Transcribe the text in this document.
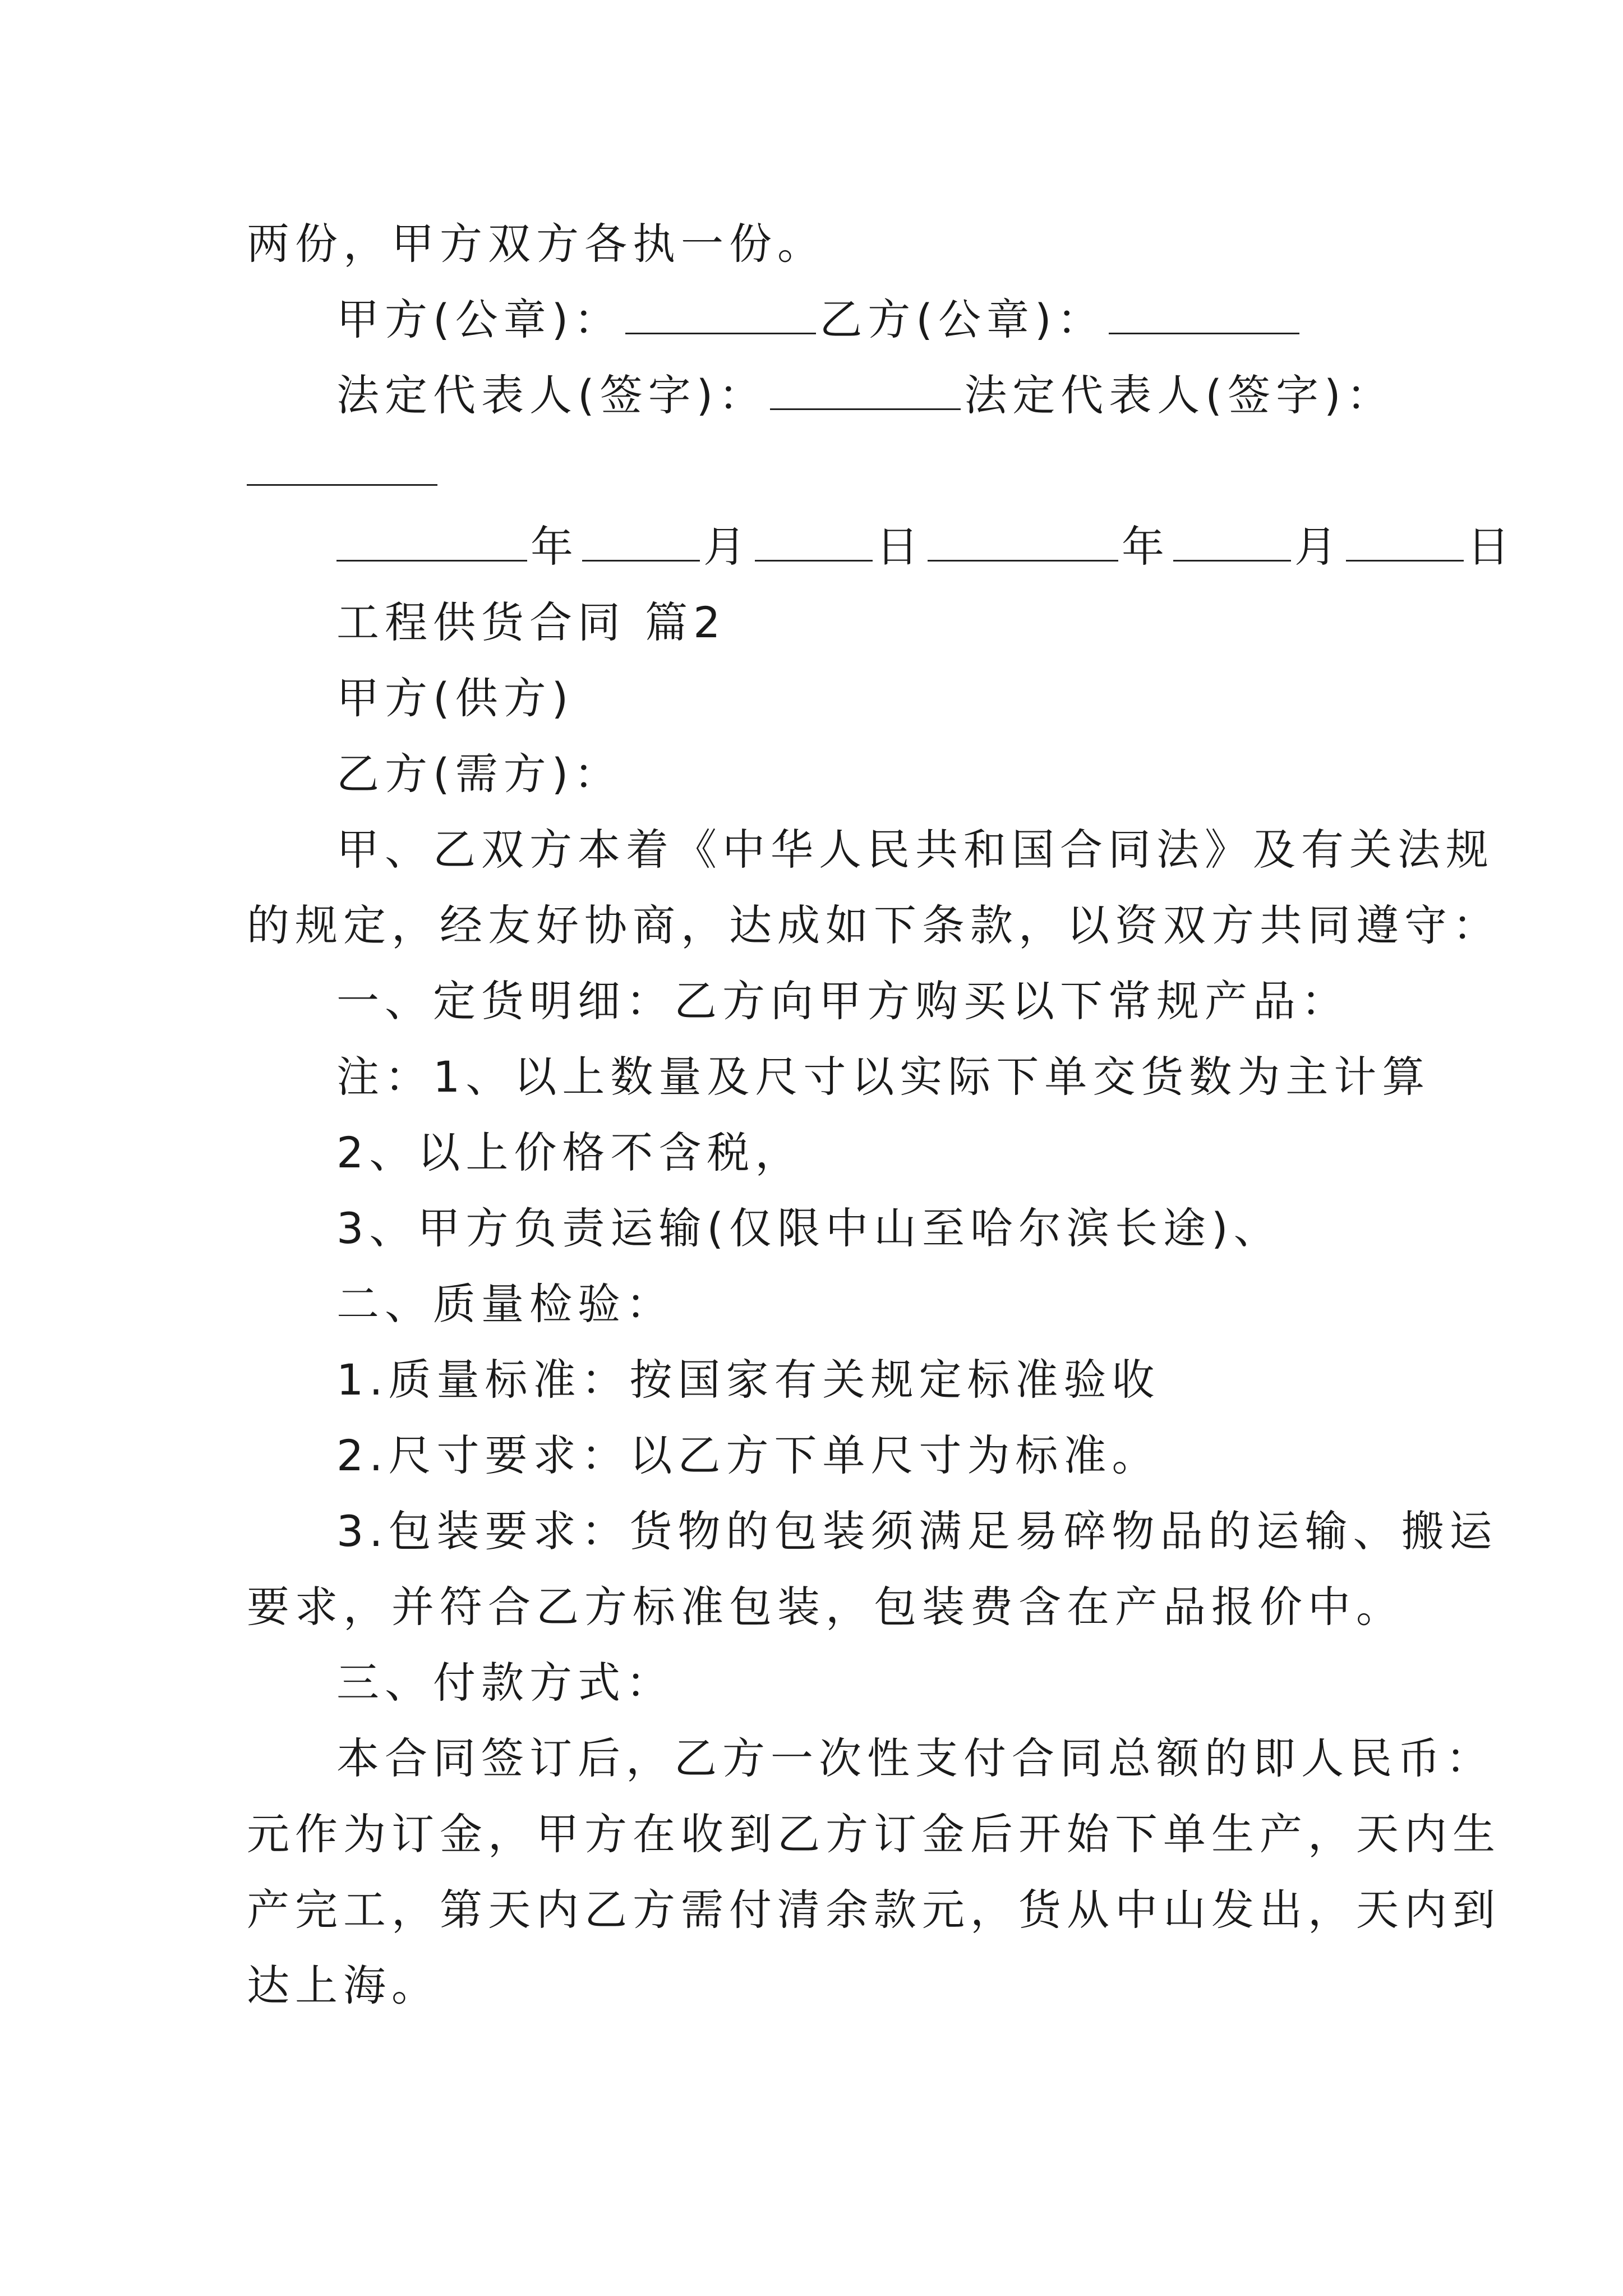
两份，甲方双方各执一份。
甲方(公章)：	乙方(公章)：
法定代表人(签字)：	法定代表人(签字)：
年	月	日	年	月	日
工程供货合同 篇2
甲方(供方)
乙方(需方)：
甲、乙双方本着《中华人民共和国合同法》及有关法规
的规定，经友好协商，达成如下条款，以资双方共同遵守：
一、定货明细：乙方向甲方购买以下常规产品：
注：1、以上数量及尺寸以实际下单交货数为主计算
2、以上价格不含税，
3、甲方负责运输(仅限中山至哈尔滨长途)、
二、质量检验：
1.质量标准：按国家有关规定标准验收
2.尺寸要求：以乙方下单尺寸为标准。
3.包装要求：货物的包装须满足易碎物品的运输、搬运
要求，并符合乙方标准包装，包装费含在产品报价中。
三、付款方式：
本合同签订后，乙方一次性支付合同总额的即人民币：
元作为订金，甲方在收到乙方订金后开始下单生产，天内生
产完工，第天内乙方需付清余款元，货从中山发出，天内到
达上海。
